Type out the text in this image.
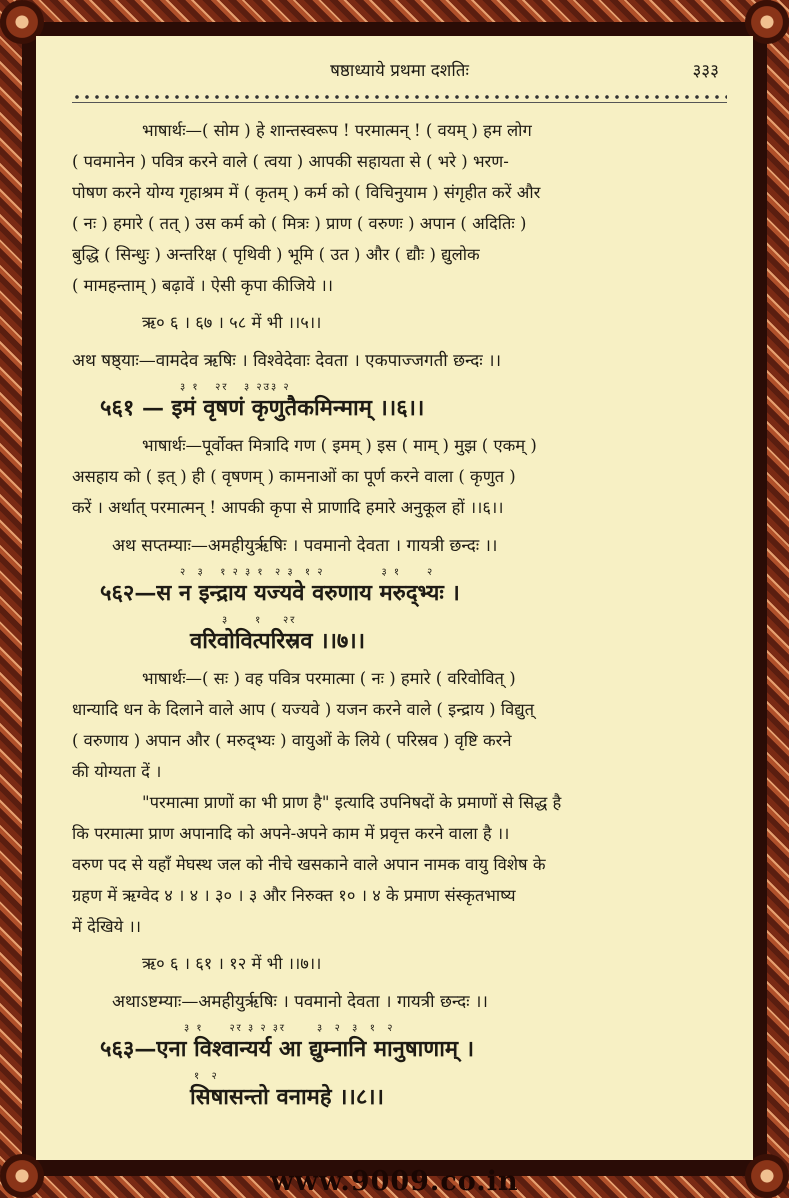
षष्ठाध्याये प्रथमा दशतिः	३३३

भाषार्थः—( सोम ) हे शान्तस्वरूप ! परमात्मन् ! ( वयम् ) हम लोग

( पवमानेन ) पवित्र करने वाले ( त्वया ) आपकी सहायता से ( भरे ) भरण-

पोषण करने योग्य गृहाश्रम में ( कृतम् ) कर्म को ( विचिनुयाम ) संगृहीत करें और

( नः ) हमारे ( तत् ) उस कर्म को ( मित्रः ) प्राण ( वरुणः ) अपान ( अदितिः )

बुद्धि ( सिन्धुः ) अन्तरिक्ष ( पृथिवी ) भूमि ( उत ) और ( द्यौः ) द्युलोक

( मामहन्ताम् ) बढ़ावें । ऐसी कृपा कीजिये ।।

ऋ० ६ । ६७ । ५८ में भी ।।५।।

अथ षष्ठ्याः—वामदेव ऋषिः । विश्वेदेवाः देवता । एकपाज्जगती छन्दः ।।

३ १   २र   ३ २उ३ २

५६१ — इमं वृषणं कृणुतैकमिन्माम् ।।६।।

भाषार्थः—पूर्वोक्त मित्रादि गण ( इमम् ) इस ( माम् ) मुझ ( एकम् )

असहाय को ( इत् ) ही ( वृषणम् ) कामनाओं का पूर्ण करने वाला ( कृणुत )

करें । अर्थात् परमात्मन् ! आपकी कृपा से प्राणादि हमारे अनुकूल हों ।।६।।

अथ सप्तम्याः—अमहीयुर्ऋषिः । पवमानो देवता । गायत्री छन्दः ।।

२  ३   १ २ ३ १  २ ३  १ २           ३ १     २

५६२—स न इन्द्राय यज्यवे वरुणाय मरुद्भ्यः ।

३     १    २र

वरिवोवित्परिस्रव ।।७।।

भाषार्थः—( सः ) वह पवित्र परमात्मा ( नः ) हमारे ( वरिवोवित् )

धान्यादि धन के दिलाने वाले आप ( यज्यवे ) यजन करने वाले ( इन्द्राय ) विद्युत्

( वरुणाय ) अपान और ( मरुद्भ्यः ) वायुओं के लिये ( परिस्रव ) वृष्टि करने

की योग्यता दें ।

"परमात्मा प्राणों का भी प्राण है" इत्यादि उपनिषदों के प्रमाणों से सिद्ध है

कि परमात्मा प्राण अपानादि को अपने-अपने काम में प्रवृत्त करने वाला है ।।

वरुण पद से यहाँ मेघस्थ जल को नीचे खसकाने वाले अपान नामक वायु विशेष के

ग्रहण में ऋग्वेद ४ । ४ । ३० । ३ और निरुक्त १० । ४ के प्रमाण संस्कृतभाष्य

में देखिये ।।

ऋ० ६ । ६१ । १२ में भी ।।७।।

अथाऽष्टम्याः—अमहीयुर्ऋषिः । पवमानो देवता । गायत्री छन्दः ।।

३ १     २र ३ २ ३र      ३  २  ३  १  २

५६३—एना विश्वान्यर्य आ द्युम्नानि मानुषाणाम् ।

१  २

सिषासन्तो वनामहे ।।८।।

www.9009.co.in
